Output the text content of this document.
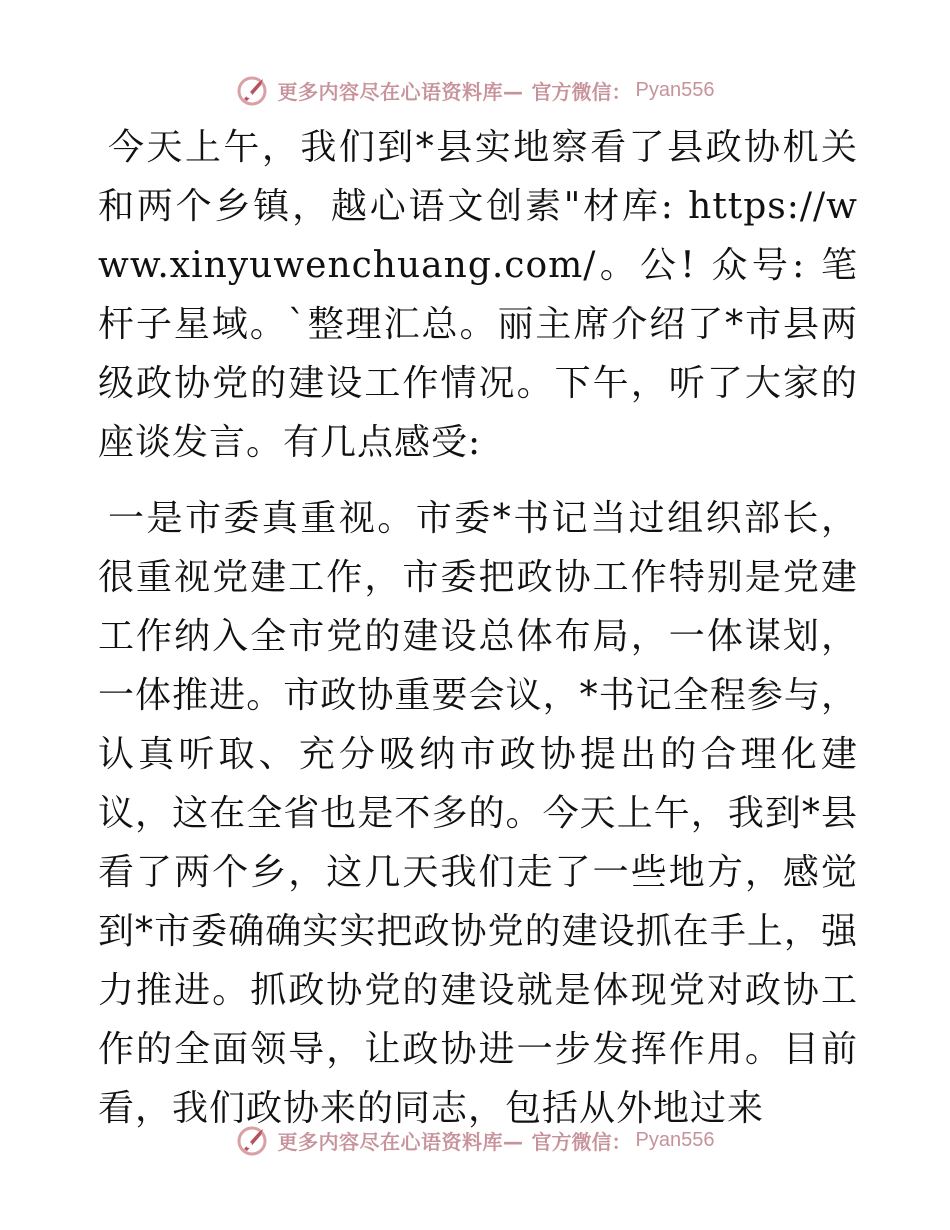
更多内容尽在心语资料库— 官方微信： Pyan556

今天上午，我们到*县实地察看了县政协机关和两个乡镇，越心语文创素"材库: https://www.xinyuwenchuang.com/。公! 众号: 笔杆子星域。`整理汇总。丽主席介绍了*市县两级政协党的建设工作情况。下午，听了大家的座谈发言。有几点感受:

一是市委真重视。市委*书记当过组织部长，很重视党建工作，市委把政协工作特别是党建工作纳入全市党的建设总体布局，一体谋划，一体推进。市政协重要会议，*书记全程参与，认真听取、充分吸纳市政协提出的合理化建议，这在全省也是不多的。今天上午，我到*县看了两个乡，这几天我们走了一些地方，感觉到*市委确确实实把政协党的建设抓在手上，强力推进。抓政协党的建设就是体现党对政协工作的全面领导，让政协进一步发挥作用。目前看，我们政协来的同志，包括从外地过来

更多内容尽在心语资料库— 官方微信： Pyan556
